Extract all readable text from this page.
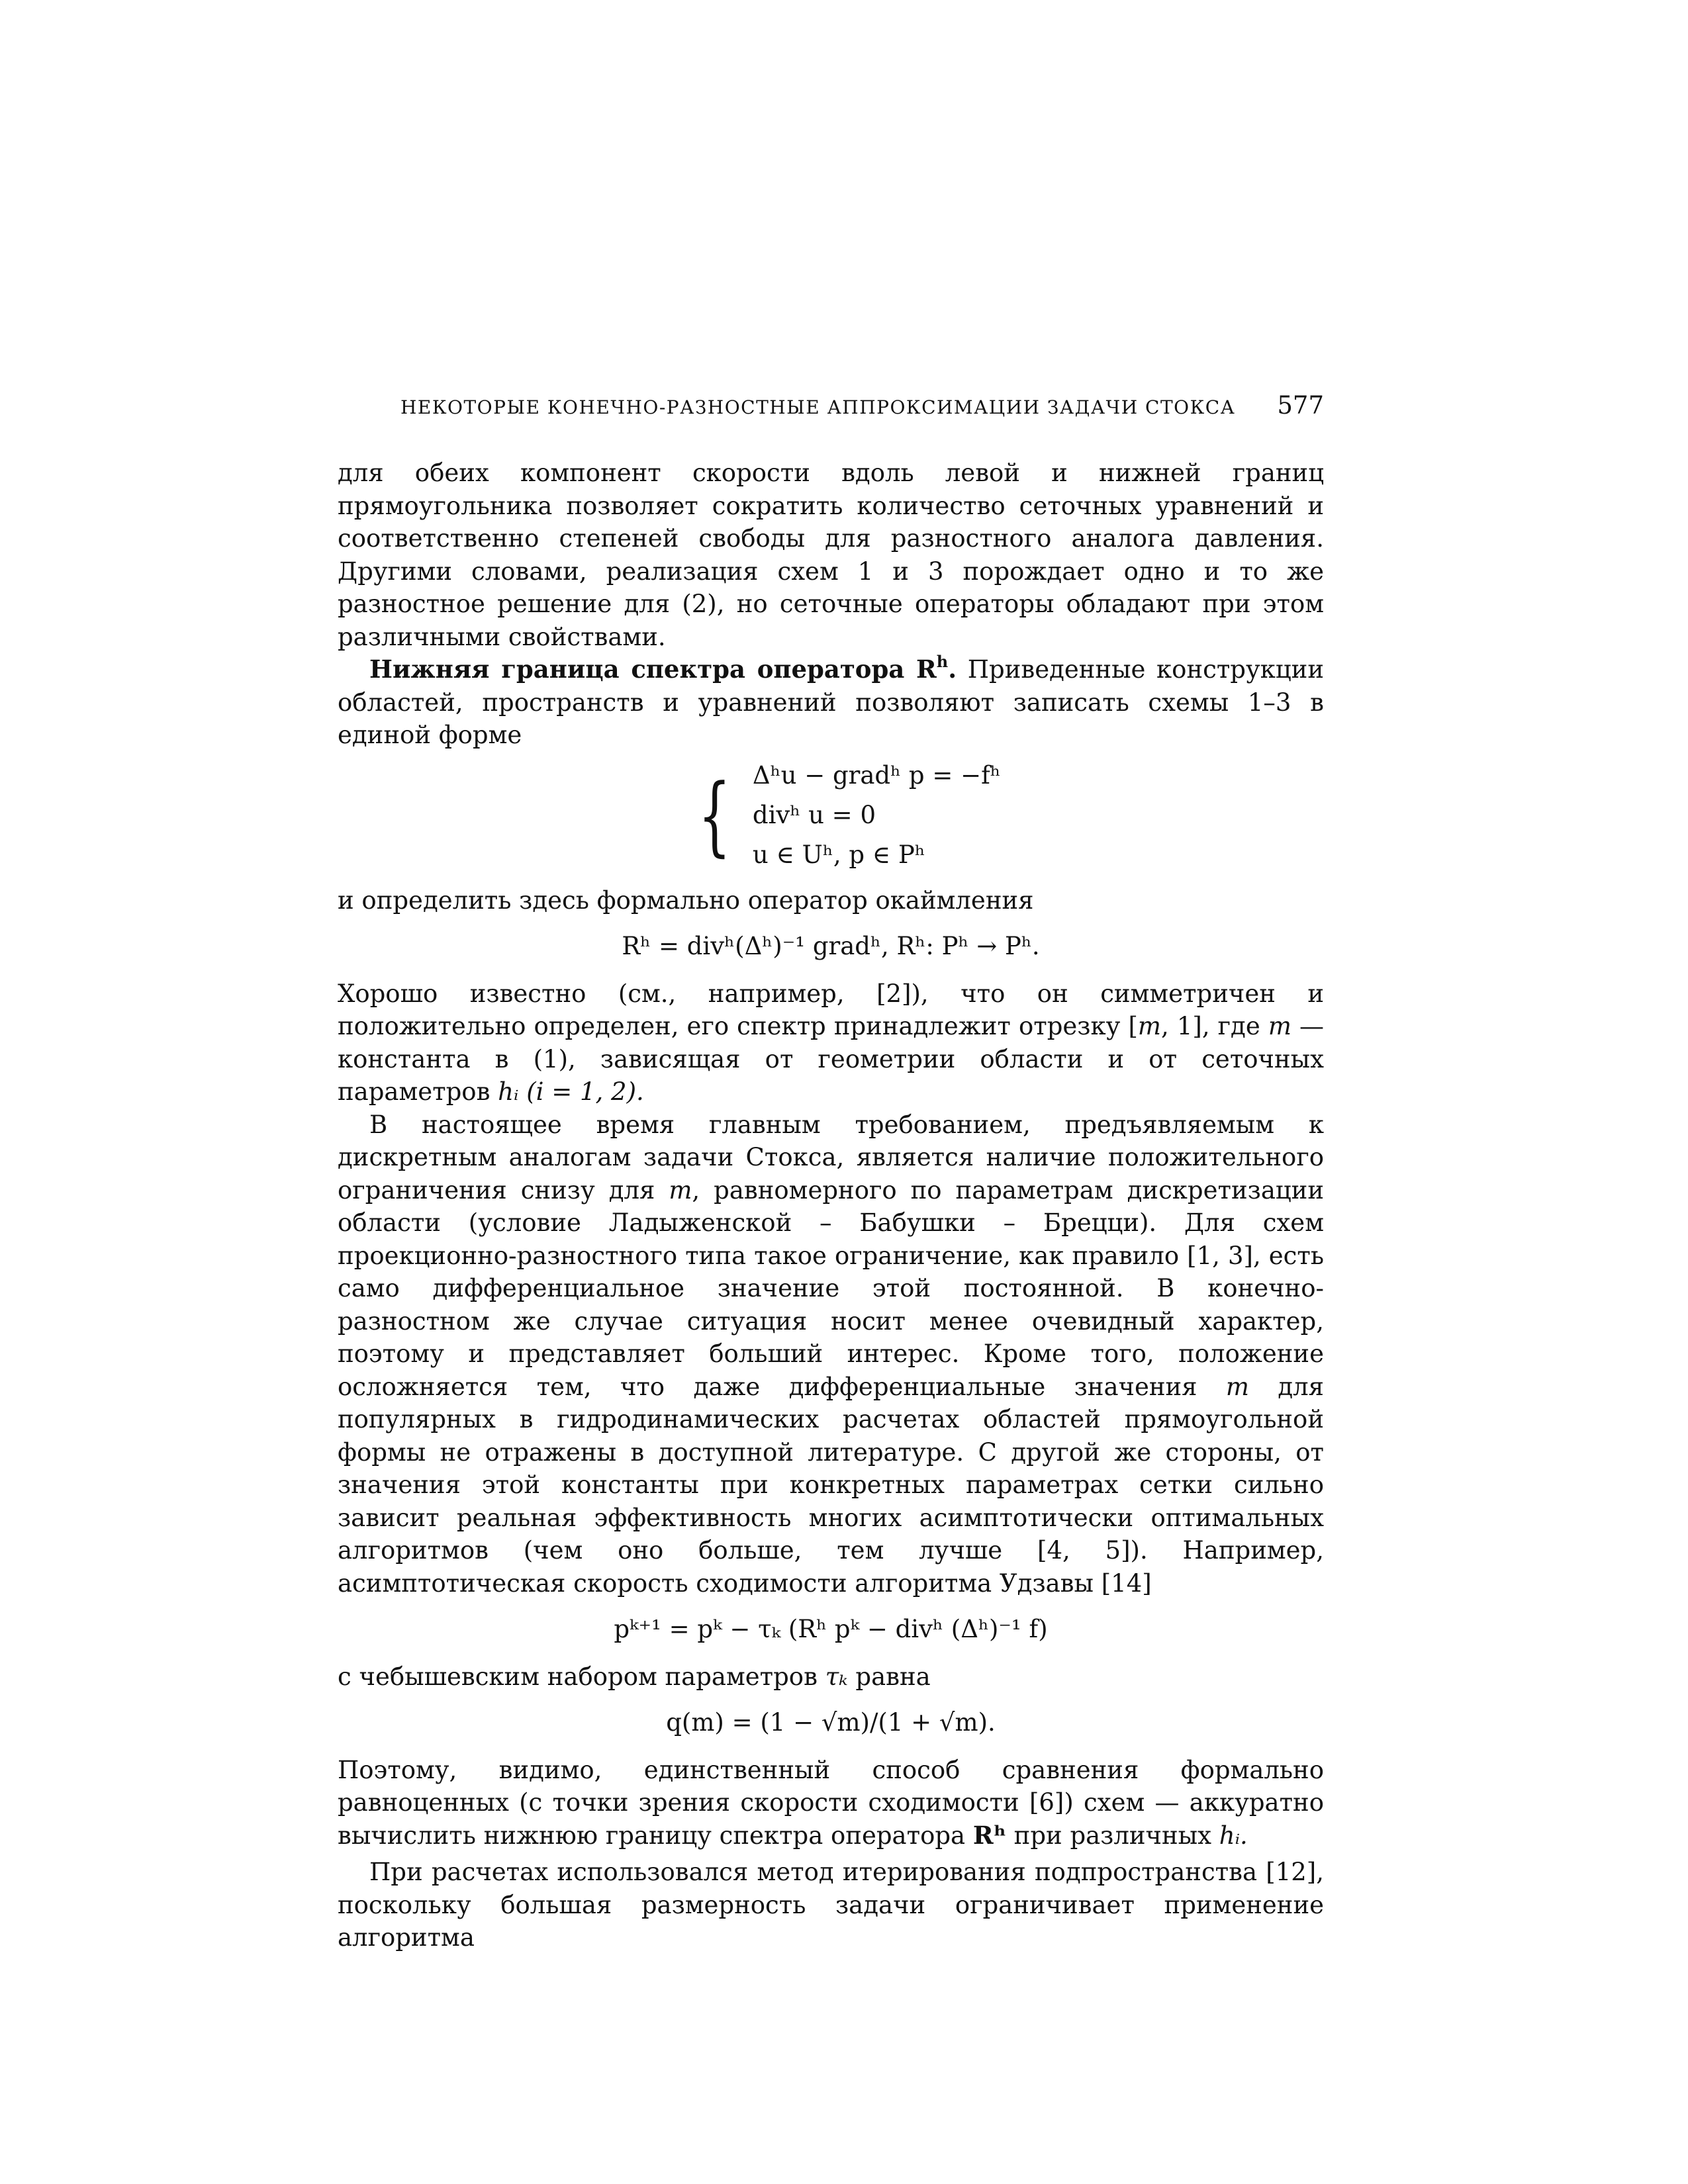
НЕКОТОРЫЕ КОНЕЧНО-РАЗНОСТНЫЕ АППРОКСИМАЦИИ ЗАДАЧИ СТОКСА 577

для обеих компонент скорости вдоль левой и нижней границ прямоугольника позволяет сократить количество сеточных уравнений и соответственно степеней свободы для разностного аналога давления. Другими словами, реализация схем 1 и 3 порождает одно и то же разностное решение для (2), но сеточные операторы обладают при этом различными свойствами.

Нижняя граница спектра оператора $R^h$. Приведенные конструкции областей, пространств и уравнений позволяют записать схемы 1–3 в единой форме

{ Δʰu − gradʰ p = −fʰ
divʰ u = 0
u ∈ Uʰ, p ∈ Pʰ

и определить здесь формально оператор окаймления

Rʰ = divʰ(Δʰ)⁻¹ gradʰ, Rʰ: Pʰ → Pʰ.

Хорошо известно (см., например, [2]), что он симметричен и положительно определен, его спектр принадлежит отрезку [m, 1], где m — константа в (1), зависящая от геометрии области и от сеточных параметров hᵢ (i = 1, 2).

В настоящее время главным требованием, предъявляемым к дискретным аналогам задачи Стокса, является наличие положительного ограничения снизу для m, равномерного по параметрам дискретизации области (условие Ладыженской – Бабушки – Брецци). Для схем проекционно-разностного типа такое ограничение, как правило [1, 3], есть само дифференциальное значение этой постоянной. В конечно-разностном же случае ситуация носит менее очевидный характер, поэтому и представляет больший интерес. Кроме того, положение осложняется тем, что даже дифференциальные значения m для популярных в гидродинамических расчетах областей прямоугольной формы не отражены в доступной литературе. С другой же стороны, от значения этой константы при конкретных параметрах сетки сильно зависит реальная эффективность многих асимптотически оптимальных алгоритмов (чем оно больше, тем лучше [4, 5]). Например, асимптотическая скорость сходимости алгоритма Удзавы [14]

pᵏ⁺¹ = pᵏ − τₖ (Rʰ pᵏ − divʰ (Δʰ)⁻¹ f)

с чебышевским набором параметров τₖ равна

q(m) = (1 − √m)/(1 + √m).

Поэтому, видимо, единственный способ сравнения формально равноценных (с точки зрения скорости сходимости [6]) схем — аккуратно вычислить нижнюю границу спектра оператора Rʰ при различных hᵢ.

При расчетах использовался метод итерирования подпространства [12], поскольку большая размерность задачи ограничивает применение алгоритма
